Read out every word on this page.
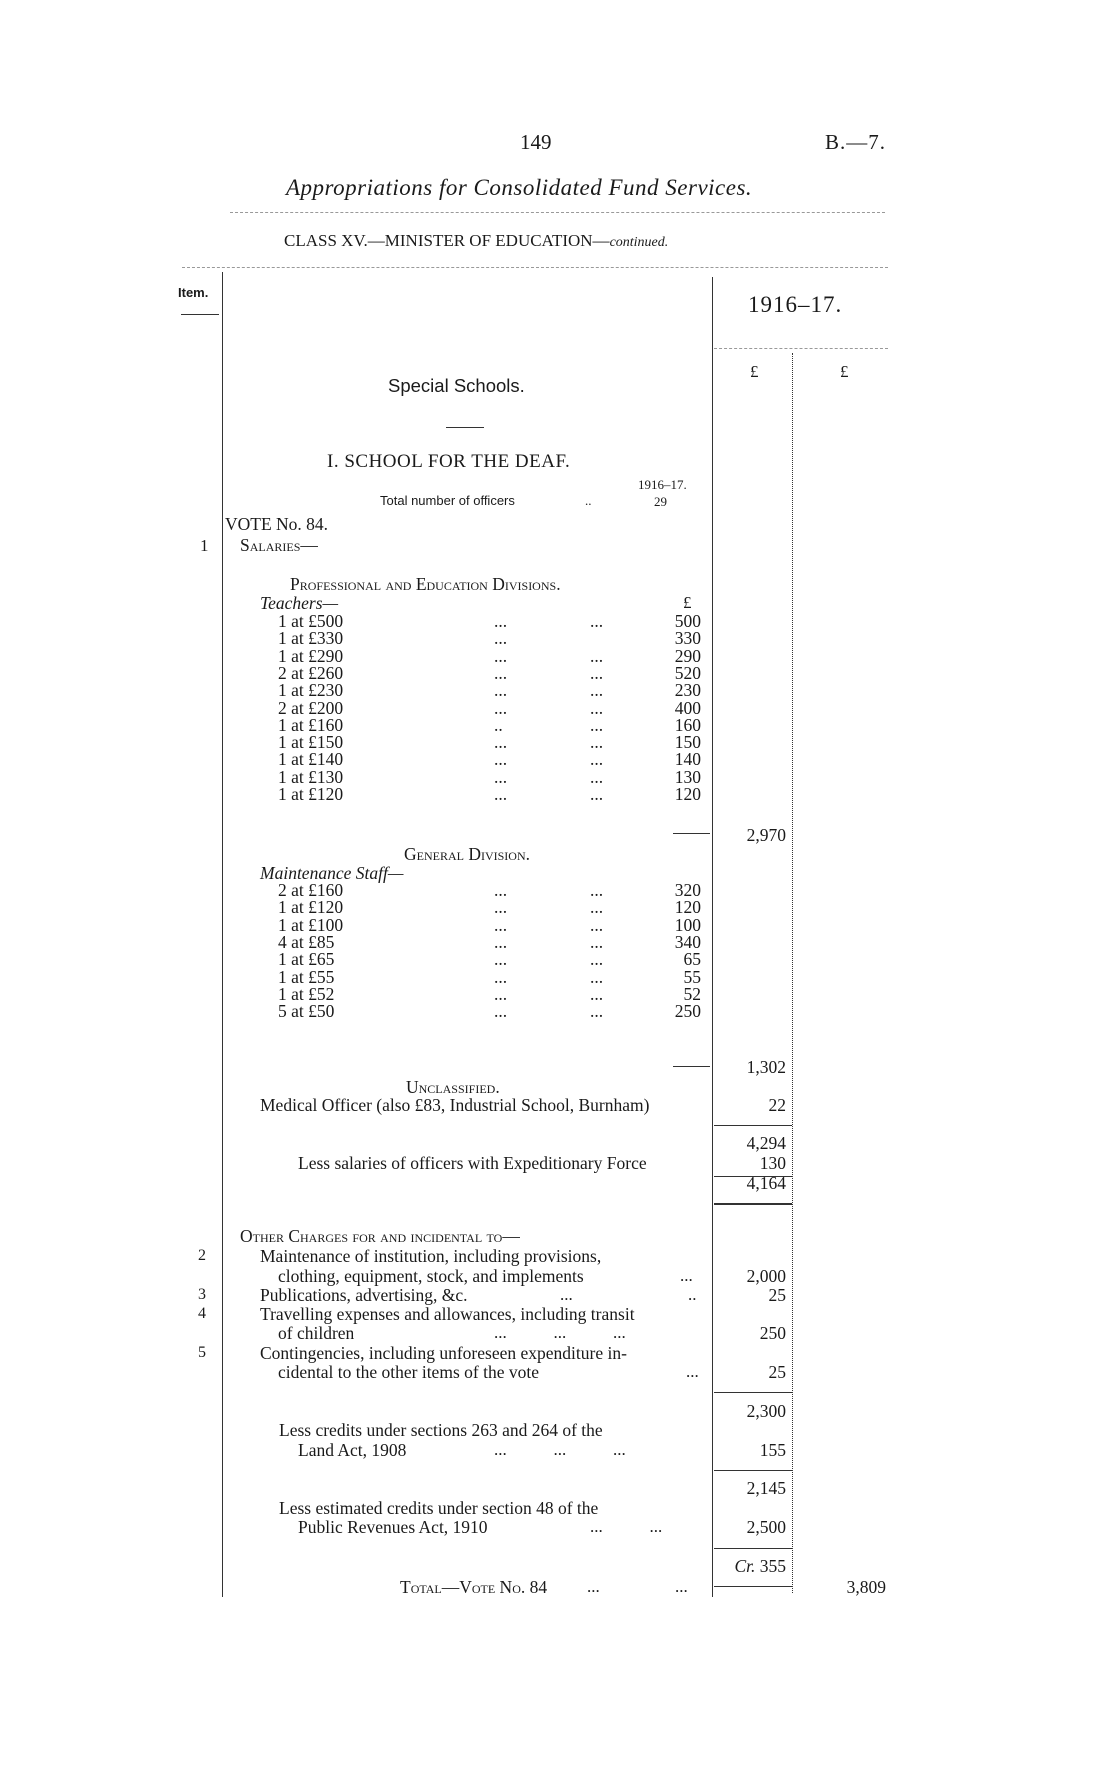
149	B.—7.
Appropriations for Consolidated Fund Services.
CLASS XV.—MINISTER OF EDUCATION—continued.
Item.	1916–17.
£	£
Special Schools.
I. SCHOOL FOR THE DEAF.
1916–17.
Total number of officers	..	29
VOTE No. 84.
1 Salaries—
Professional and Education Divisions.
Teachers—	£
1 at £500	...	...	500
1 at £330	...	330
1 at £290	...	...	290
2 at £260	...	...	520
1 at £230	...	...	230
2 at £200	...	...	400
1 at £160	..	...	160
1 at £150	...	...	150
1 at £140	...	...	140
1 at £130	...	...	130
1 at £120	...	...	120
2,970
General Division.
Maintenance Staff—
2 at £160	...	...	320
1 at £120	...	...	120
1 at £100	...	...	100
4 at £85	...	...	340
1 at £65	...	...	65
1 at £55	...	...	55
1 at £52	...	...	52
5 at £50	...	...	250
1,302
Unclassified.
Medical Officer (also £83, Industrial School, Burnham)	22
4,294
Less salaries of officers with Expeditionary Force	130
4,164
Other Charges for and incidental to—
2	Maintenance of institution, including provisions,
clothing, equipment, stock, and implements	...	2,000
3	Publications, advertising, &c.	...	..	25
4	Travelling expenses and allowances, including transit
of children	...           ...           ...	250
5	Contingencies, including unforeseen expenditure in-
cidental to the other items of the vote	...	25
2,300
Less credits under sections 263 and 264 of the
Land Act, 1908	...           ...           ...	155
2,145
Less estimated credits under section 48 of the
Public Revenues Act, 1910	...           ...	2,500
Cr. 355
Total—Vote No. 84 ...	...	3,809
